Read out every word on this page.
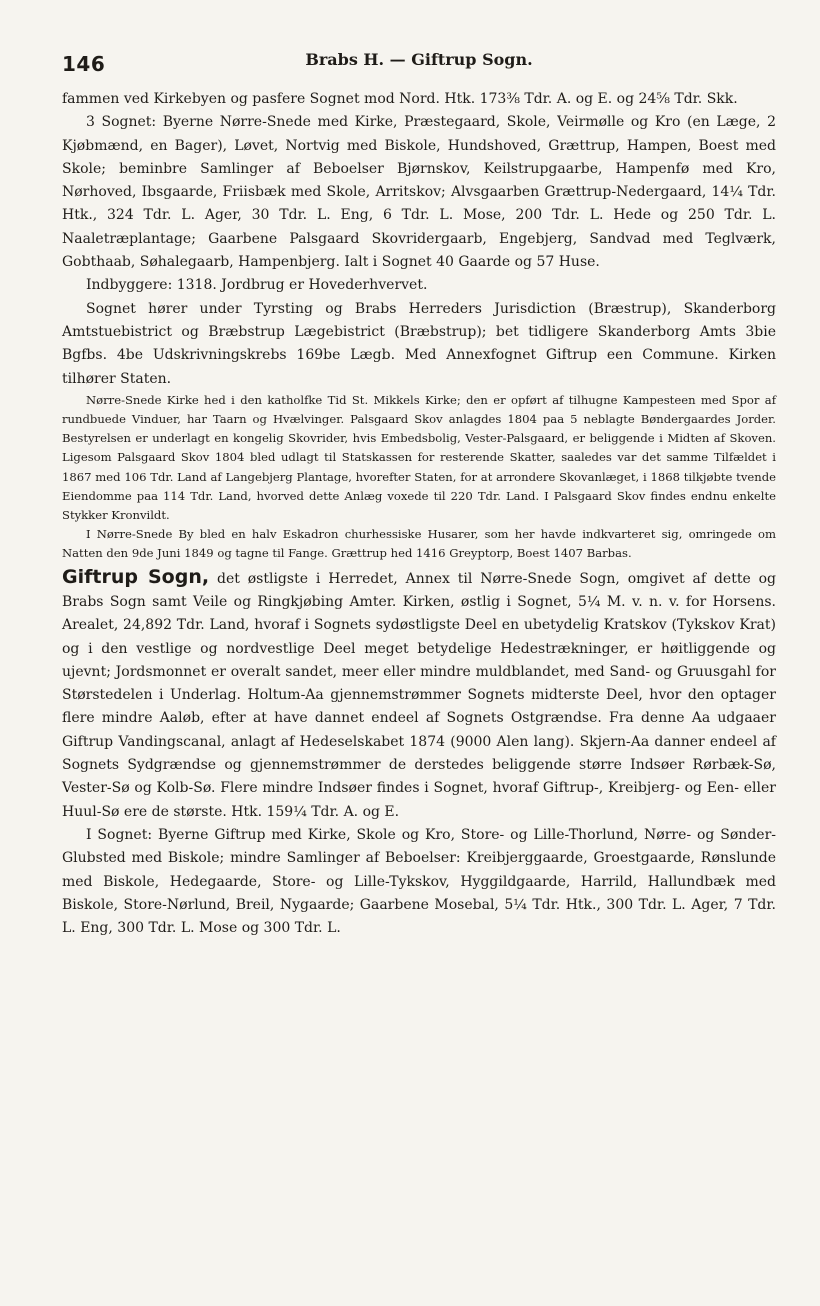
146	Brabs H. — Giftrup Sogn.

fammen ved Kirkebyen og pasfere Sognet mod Nord. Htk. 173⅜ Tdr. A. og E. og 24⅝ Tdr. Skk.

3 Sognet: Byerne Nørre-Snede med Kirke, Præstegaard, Skole, Veirmølle og Kro (en Læge, 2 Kjøbmænd, en Bager), Løvet, Nortvig med Biskole, Hundshoved, Grættrup, Hampen, Boest med Skole; beminbre Samlinger af Beboelser Bjørnskov, Keilstrupgaarbe, Hampenfø med Kro, Nørhoved, Ibsgaarde, Friisbæk med Skole, Arritskov; Alvsgaarben Grættrup-Nedergaard, 14¼ Tdr. Htk., 324 Tdr. L. Ager, 30 Tdr. L. Eng, 6 Tdr. L. Mose, 200 Tdr. L. Hede og 250 Tdr. L. Naaletræplantage; Gaarbene Palsgaard Skovridergaarb, Engebjerg, Sandvad med Teglværk, Gobthaab, Søhalegaarb, Hampenbjerg. Ialt i Sognet 40 Gaarde og 57 Huse.

Indbyggere: 1318. Jordbrug er Hovederhvervet.

Sognet hører under Tyrsting og Brabs Herreders Jurisdiction (Bræstrup), Skanderborg Amtstuebistrict og Bræbstrup Lægebistrict (Bræbstrup); bet tidligere Skanderborg Amts 3bie Bgfbs. 4be Udskrivningskrebs 169be Lægb. Med Annexfognet Giftrup een Commune. Kirken tilhører Staten.

Nørre-Snede Kirke hed i den katholfke Tid St. Mikkels Kirke; den er opført af tilhugne Kampesteen med Spor af rundbuede Vinduer, har Taarn og Hvælvinger. Palsgaard Skov anlagdes 1804 paa 5 neblagte Bøndergaardes Jorder. Bestyrelsen er underlagt en kongelig Skovrider, hvis Embedsbolig, Vester-Palsgaard, er beliggende i Midten af Skoven. Ligesom Palsgaard Skov 1804 bled udlagt til Statskassen for resterende Skatter, saaledes var det samme Tilfældet i 1867 med 106 Tdr. Land af Langebjerg Plantage, hvorefter Staten, for at arrondere Skovanlæget, i 1868 tilkjøbte tvende Eiendomme paa 114 Tdr. Land, hvorved dette Anlæg voxede til 220 Tdr. Land. I Palsgaard Skov findes endnu enkelte Stykker Kronvildt.

I Nørre-Snede By bled en halv Eskadron churhessiske Husarer, som her havde indkvarteret sig, omringede om Natten den 9de Juni 1849 og tagne til Fange. Grættrup hed 1416 Greyptorp, Boest 1407 Barbas.

Giftrup Sogn, det østligste i Herredet, Annex til Nørre-Snede Sogn, omgivet af dette og Brabs Sogn samt Veile og Ringkjøbing Amter. Kirken, østlig i Sognet, 5¼ M. v. n. v. for Horsens. Arealet, 24,892 Tdr. Land, hvoraf i Sognets sydøstligste Deel en ubetydelig Kratskov (Tykskov Krat) og i den vestlige og nordvestlige Deel meget betydelige Hedestrækninger, er høitliggende og ujevnt; Jordsmonnet er overalt sandet, meer eller mindre muldblandet, med Sand- og Gruusgahl for Størstedelen i Underlag. Holtum-Aa gjennemstrømmer Sognets midterste Deel, hvor den optager flere mindre Aaløb, efter at have dannet endeel af Sognets Ostgrændse. Fra denne Aa udgaaer Giftrup Vandingscanal, anlagt af Hedeselskabet 1874 (9000 Alen lang). Skjern-Aa danner endeel af Sognets Sydgrændse og gjennemstrømmer de derstedes beliggende større Indsøer Rørbæk-Sø, Vester-Sø og Kolb-Sø. Flere mindre Indsøer findes i Sognet, hvoraf Giftrup-, Kreibjerg- og Een- eller Huul-Sø ere de største. Htk. 159¼ Tdr. A. og E.

I Sognet: Byerne Giftrup med Kirke, Skole og Kro, Store- og Lille-Thorlund, Nørre- og Sønder-Glubsted med Biskole; mindre Samlinger af Beboelser: Kreibjerggaarde, Groestgaarde, Rønslunde med Biskole, Hedegaarde, Store- og Lille-Tykskov, Hyggildgaarde, Harrild, Hallundbæk med Biskole, Store-Nørlund, Breil, Nygaarde; Gaarbene Mosebal, 5¼ Tdr. Htk., 300 Tdr. L. Ager, 7 Tdr. L. Eng, 300 Tdr. L. Mose og 300 Tdr. L.
